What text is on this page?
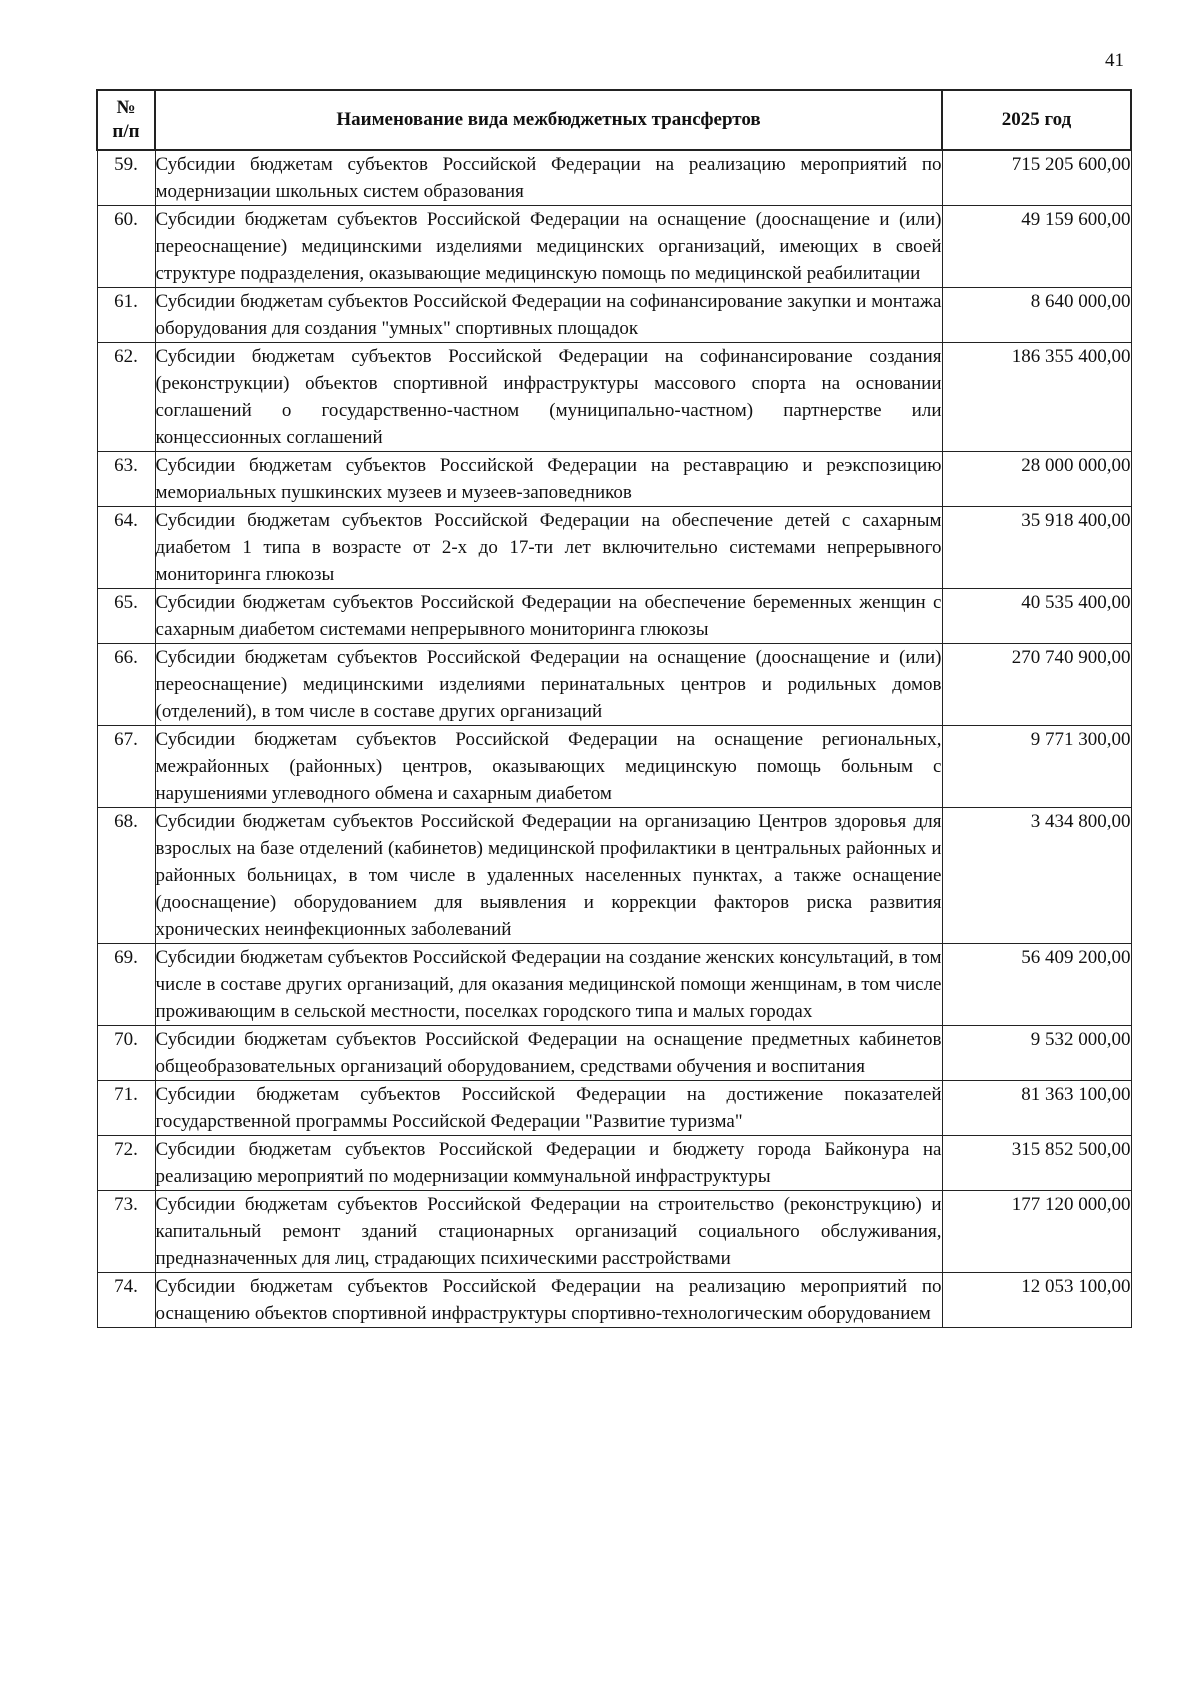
41
№
п/п	Наименование вида межбюджетных трансфертов	2025 год
59.	Субсидии бюджетам субъектов Российской Федерации на реализацию мероприятий по модернизации школьных систем образования	715 205 600,00
60.	Субсидии бюджетам субъектов Российской Федерации на оснащение (дооснащение и (или) переоснащение) медицинскими изделиями медицинских организаций, имеющих в своей структуре подразделения, оказывающие медицинскую помощь по медицинской реабилитации	49 159 600,00
61.	Субсидии бюджетам субъектов Российской Федерации на софинансирование закупки и монтажа оборудования для создания "умных" спортивных площадок	8 640 000,00
62.	Субсидии бюджетам субъектов Российской Федерации на софинансирование создания (реконструкции) объектов спортивной инфраструктуры массового спорта на основании соглашений о государственно-частном (муниципально-частном) партнерстве или концессионных соглашений	186 355 400,00
63.	Субсидии бюджетам субъектов Российской Федерации на реставрацию и реэкспозицию мемориальных пушкинских музеев и музеев-заповедников	28 000 000,00
64.	Субсидии бюджетам субъектов Российской Федерации на обеспечение детей с сахарным диабетом 1 типа в возрасте от 2-х до 17-ти лет включительно системами непрерывного мониторинга глюкозы	35 918 400,00
65.	Субсидии бюджетам субъектов Российской Федерации на обеспечение беременных женщин с сахарным диабетом системами непрерывного мониторинга глюкозы	40 535 400,00
66.	Субсидии бюджетам субъектов Российской Федерации на оснащение (дооснащение и (или) переоснащение) медицинскими изделиями перинатальных центров и родильных домов (отделений), в том числе в составе других организаций	270 740 900,00
67.	Субсидии бюджетам субъектов Российской Федерации на оснащение региональных, межрайонных (районных) центров, оказывающих медицинскую помощь больным с нарушениями углеводного обмена и сахарным диабетом	9 771 300,00
68.	Субсидии бюджетам субъектов Российской Федерации на организацию Центров здоровья для взрослых на базе отделений (кабинетов) медицинской профилактики в центральных районных и районных больницах, в том числе в удаленных населенных пунктах, а также оснащение (дооснащение) оборудованием для выявления и коррекции факторов риска развития хронических неинфекционных заболеваний	3 434 800,00
69.	Субсидии бюджетам субъектов Российской Федерации на создание женских консультаций, в том числе в составе других организаций, для оказания медицинской помощи женщинам, в том числе проживающим в сельской местности, поселках городского типа и малых городах	56 409 200,00
70.	Субсидии бюджетам субъектов Российской Федерации на оснащение предметных кабинетов общеобразовательных организаций оборудованием, средствами обучения и воспитания	9 532 000,00
71.	Субсидии бюджетам субъектов Российской Федерации на достижение показателей государственной программы Российской Федерации "Развитие туризма"	81 363 100,00
72.	Субсидии бюджетам субъектов Российской Федерации и бюджету города Байконура на реализацию мероприятий по модернизации коммунальной инфраструктуры	315 852 500,00
73.	Субсидии бюджетам субъектов Российской Федерации на строительство (реконструкцию) и капитальный ремонт зданий стационарных организаций социального обслуживания, предназначенных для лиц, страдающих психическими расстройствами	177 120 000,00
74.	Субсидии бюджетам субъектов Российской Федерации на реализацию мероприятий по оснащению объектов спортивной инфраструктуры спортивно-технологическим оборудованием	12 053 100,00
